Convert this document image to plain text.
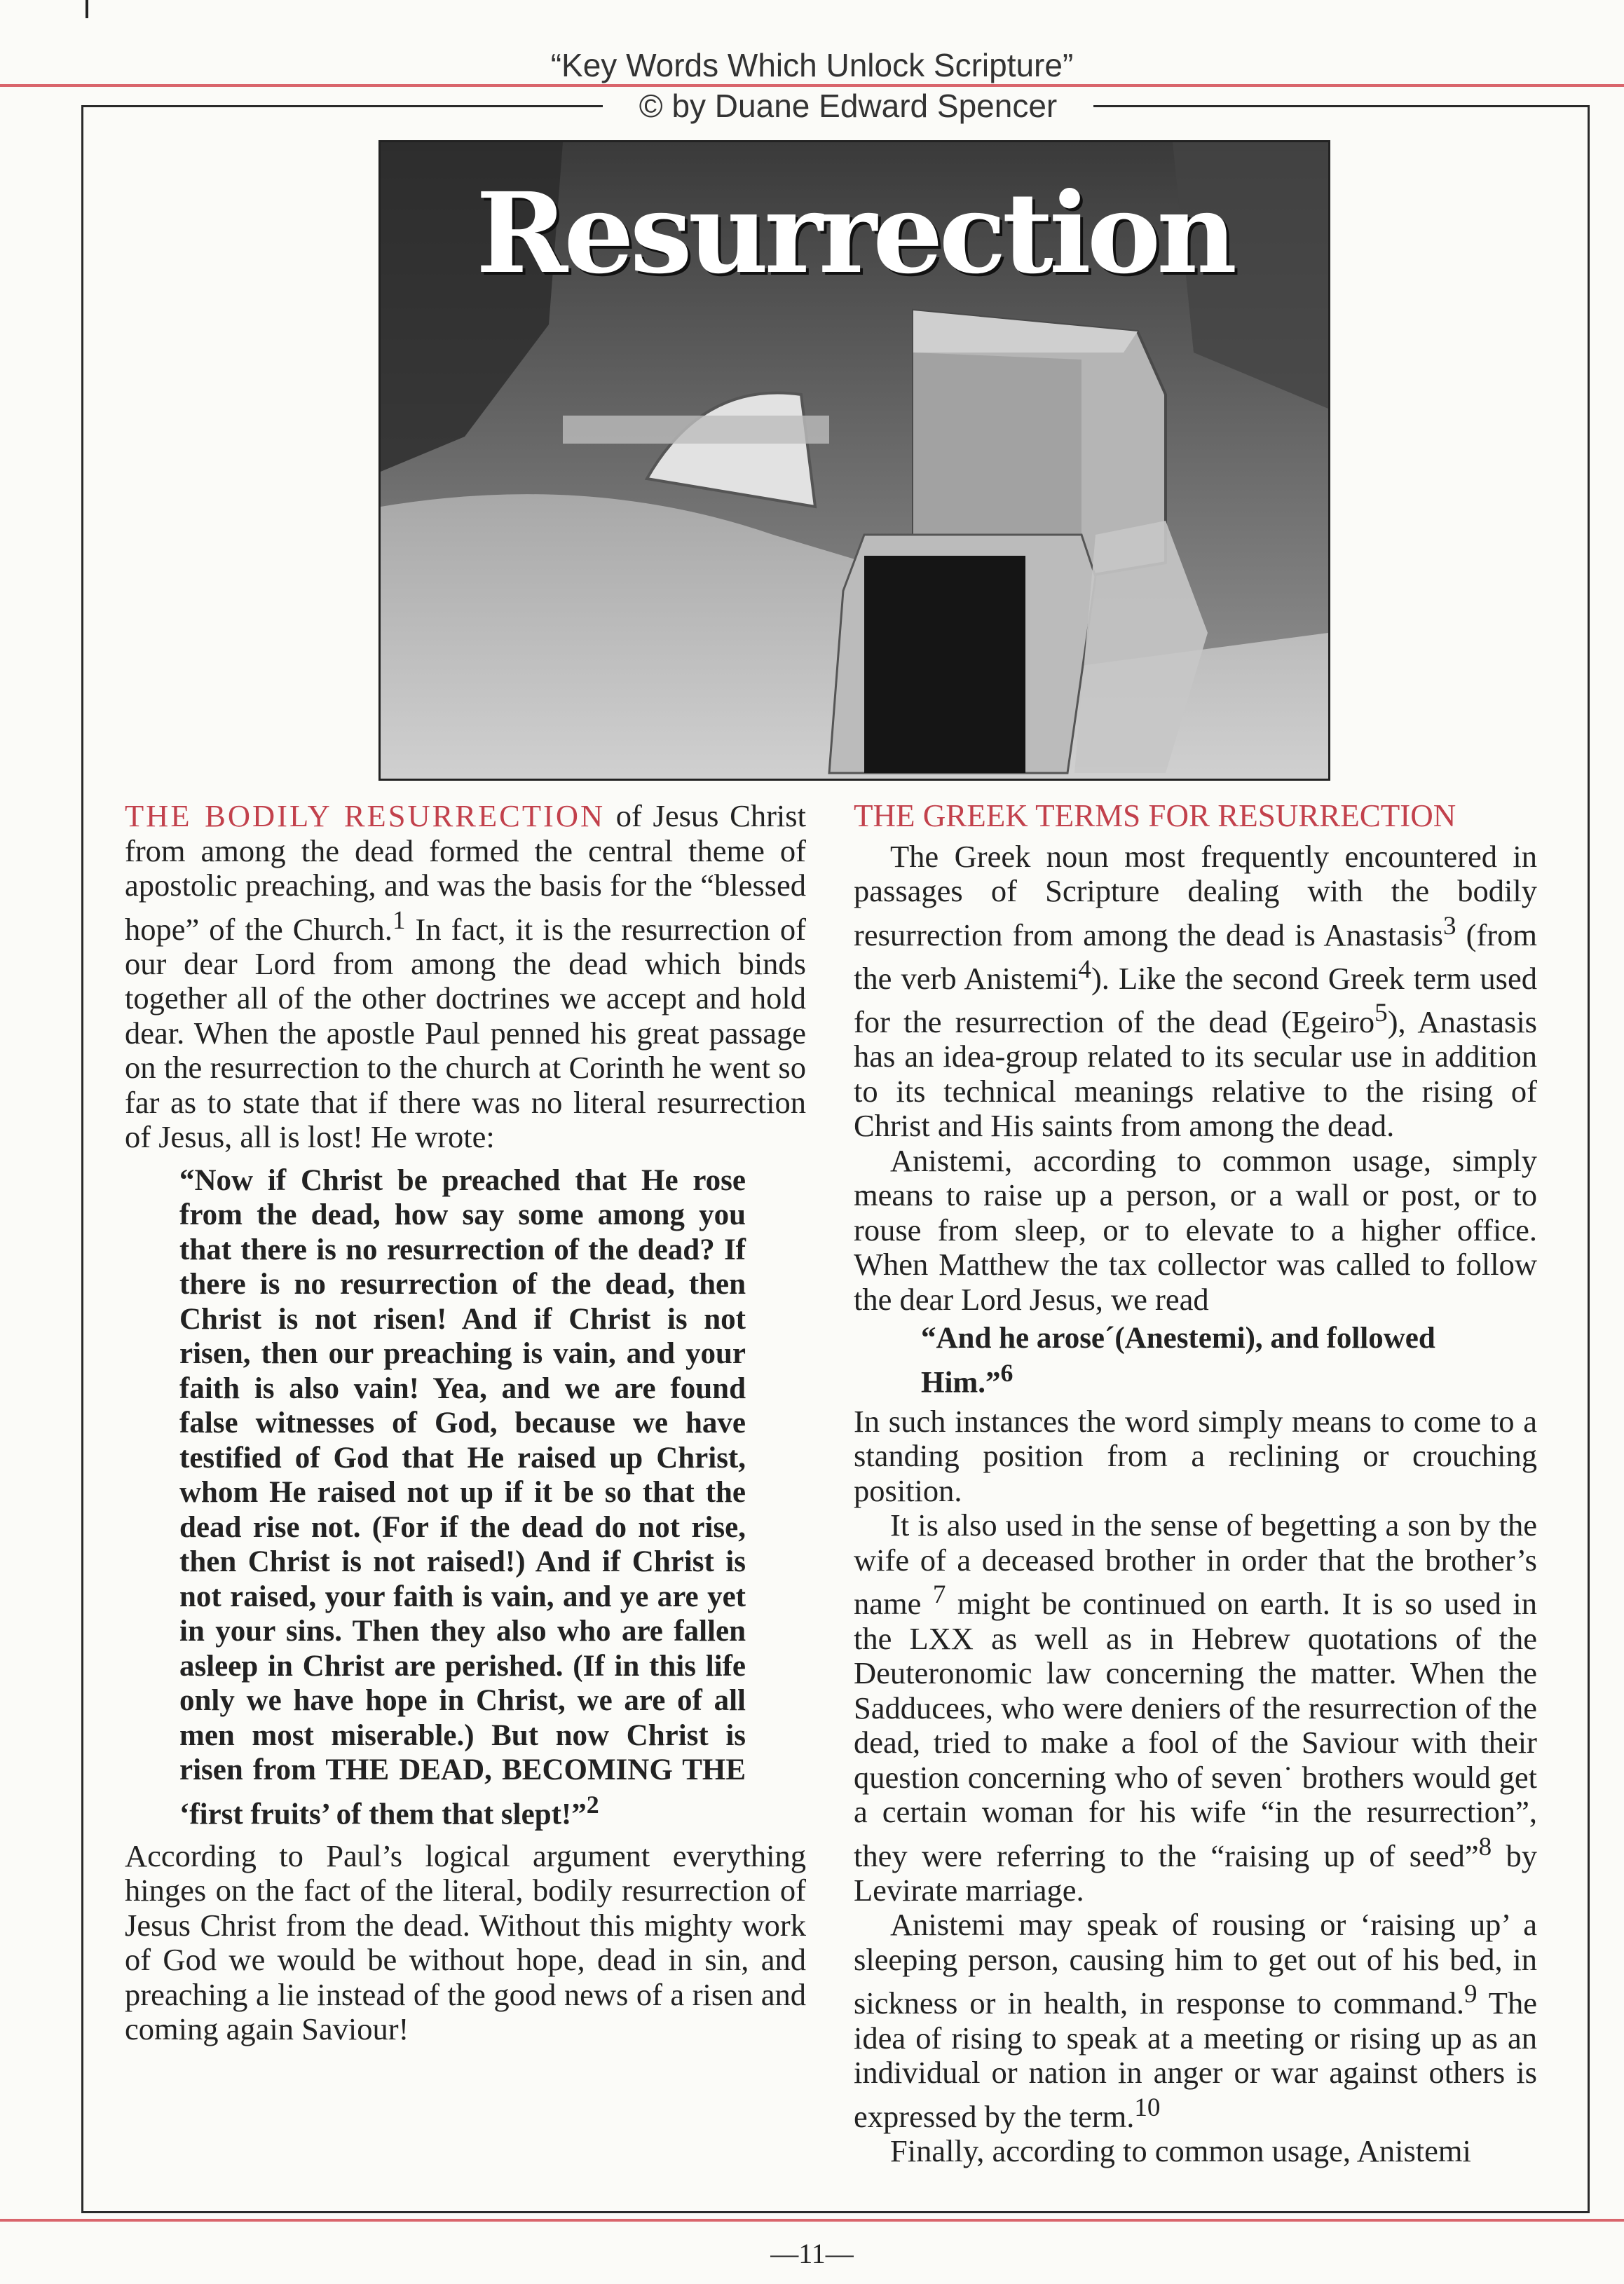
“Key Words Which Unlock Scripture”
© by Duane Edward Spencer
Resurrection

THE BODILY RESURRECTION of Jesus Christ from among the dead formed the central theme of apostolic preaching, and was the basis for the “blessed hope” of the Church.$^1$ In fact, it is the resurrection of our dear Lord from among the dead which binds together all of the other doctrines we accept and hold dear. When the apostle Paul penned his great passage on the resurrection to the church at Corinth he went so far as to state that if there was no literal resurrection of Jesus, all is lost! He wrote:

“Now if Christ be preached that He rose from the dead, how say some among you that there is no resurrection of the dead? If there is no resurrection of the dead, then Christ is not risen! And if Christ is not risen, then our preaching is vain, and your faith is also vain! Yea, and we are found false witnesses of God, because we have testified of God that He raised up Christ, whom He raised not up if it be so that the dead rise not. (For if the dead do not rise, then Christ is not raised!) And if Christ is not raised, your faith is vain, and ye are yet in your sins. Then they also who are fallen asleep in Christ are perished. (If in this life only we have hope in Christ, we are of all men most miserable.) But now Christ is risen from THE DEAD, BECOMING THE ‘first fruits’ of them that slept!”$^2$

According to Paul’s logical argument everything hinges on the fact of the literal, bodily resurrection of Jesus Christ from the dead. Without this mighty work of God we would be without hope, dead in sin, and preaching a lie instead of the good news of a risen and coming again Saviour!

THE GREEK TERMS FOR RESURRECTION

The Greek noun most frequently encountered in passages of Scripture dealing with the bodily resurrection from among the dead is Anastasis$^3$ (from the verb Anistemi$^4$). Like the second Greek term used for the resurrection of the dead (Egeiro$^5$), Anastasis has an idea-group related to its secular use in addition to its technical meanings relative to the rising of Christ and His saints from among the dead.

Anistemi, according to common usage, simply means to raise up a person, or a wall or post, or to rouse from sleep, or to elevate to a higher office. When Matthew the tax collector was called to follow the dear Lord Jesus, we read

“And he arose´(Anestemi), and followed Him.”$^6$

In such instances the word simply means to come to a standing position from a reclining or crouching position.

It is also used in the sense of begetting a son by the wife of a deceased brother in order that the brother’s name $^7$ might be continued on earth. It is so used in the LXX as well as in Hebrew quotations of the Deuteronomic law concerning the matter. When the Sadducees, who were deniers of the resurrection of the dead, tried to make a fool of the Saviour with their question concerning who of seven˙ brothers would get a certain woman for his wife “in the resurrection”, they were referring to the “raising up of seed”$^8$ by Levirate marriage.

Anistemi may speak of rousing or ‘raising up’ a sleeping person, causing him to get out of his bed, in sickness or in health, in response to command.$^9$ The idea of rising to speak at a meeting or rising up as an individual or nation in anger or war against others is expressed by the term.$^{10}$

Finally, according to common usage, Anistemi

—11—
